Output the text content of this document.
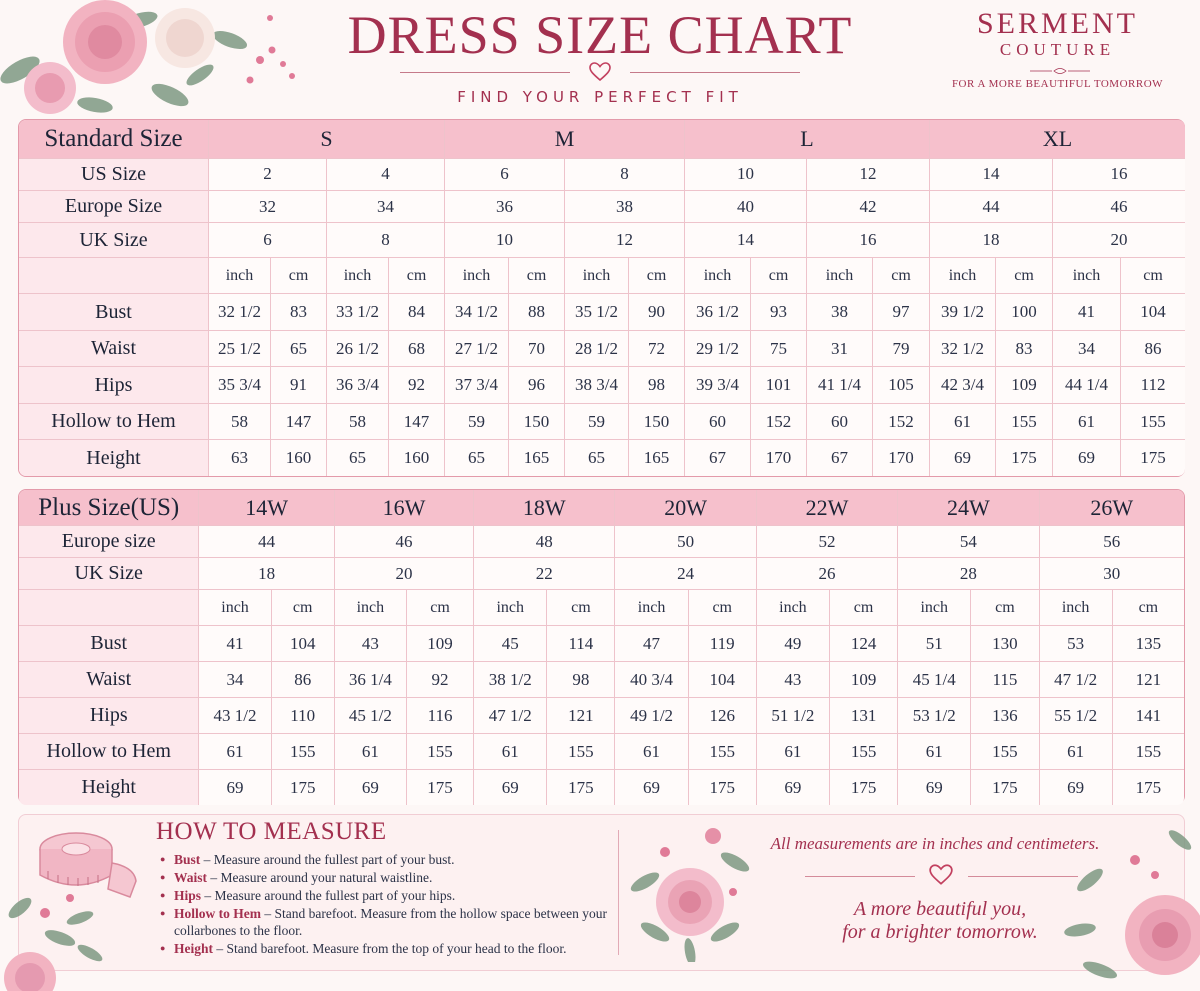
DRESS SIZE CHART
FIND YOUR PERFECT FIT
SERMENT
COUTURE
FOR A MORE BEAUTIFUL TOMORROW
Standard Size	S				M				L				XL			
US Size	2		4		6		8		10		12		14		16	
Europe Size	32		34		36		38		40		42		44		46	
UK Size	6		8		10		12		14		16		18		20	
	inch	cm	inch	cm	inch	cm	inch	cm	inch	cm	inch	cm	inch	cm	inch	cm
Bust	32 1/2	83	33 1/2	84	34 1/2	88	35 1/2	90	36 1/2	93	38	97	39 1/2	100	41	104
Waist	25 1/2	65	26 1/2	68	27 1/2	70	28 1/2	72	29 1/2	75	31	79	32 1/2	83	34	86
Hips	35 3/4	91	36 3/4	92	37 3/4	96	38 3/4	98	39 3/4	101	41 1/4	105	42 3/4	109	44 1/4	112
Hollow to Hem	58	147	58	147	59	150	59	150	60	152	60	152	61	155	61	155
Height	63	160	65	160	65	165	65	165	67	170	67	170	69	175	69	175
Plus Size(US)	14W		16W		18W		20W		22W		24W		26W	
Europe size	44		46		48		50		52		54		56	
UK Size	18		20		22		24		26		28		30	
	inch	cm	inch	cm	inch	cm	inch	cm	inch	cm	inch	cm	inch	cm
Bust	41	104	43	109	45	114	47	119	49	124	51	130	53	135
Waist	34	86	36 1/4	92	38 1/2	98	40 3/4	104	43	109	45 1/4	115	47 1/2	121
Hips	43 1/2	110	45 1/2	116	47 1/2	121	49 1/2	126	51 1/2	131	53 1/2	136	55 1/2	141
Hollow to Hem	61	155	61	155	61	155	61	155	61	155	61	155	61	155
Height	69	175	69	175	69	175	69	175	69	175	69	175	69	175
HOW TO MEASURE
● Bust – Measure around the fullest part of your bust.
● Waist – Measure around your natural waistline.
● Hips – Measure around the fullest part of your hips.
● Hollow to Hem – Stand barefoot. Measure from the hollow space between your collarbones to the floor.
● Height – Stand barefoot. Measure from the top of your head to the floor.
All measurements are in inches and centimeters.
A more beautiful you,
for a brighter tomorrow.
